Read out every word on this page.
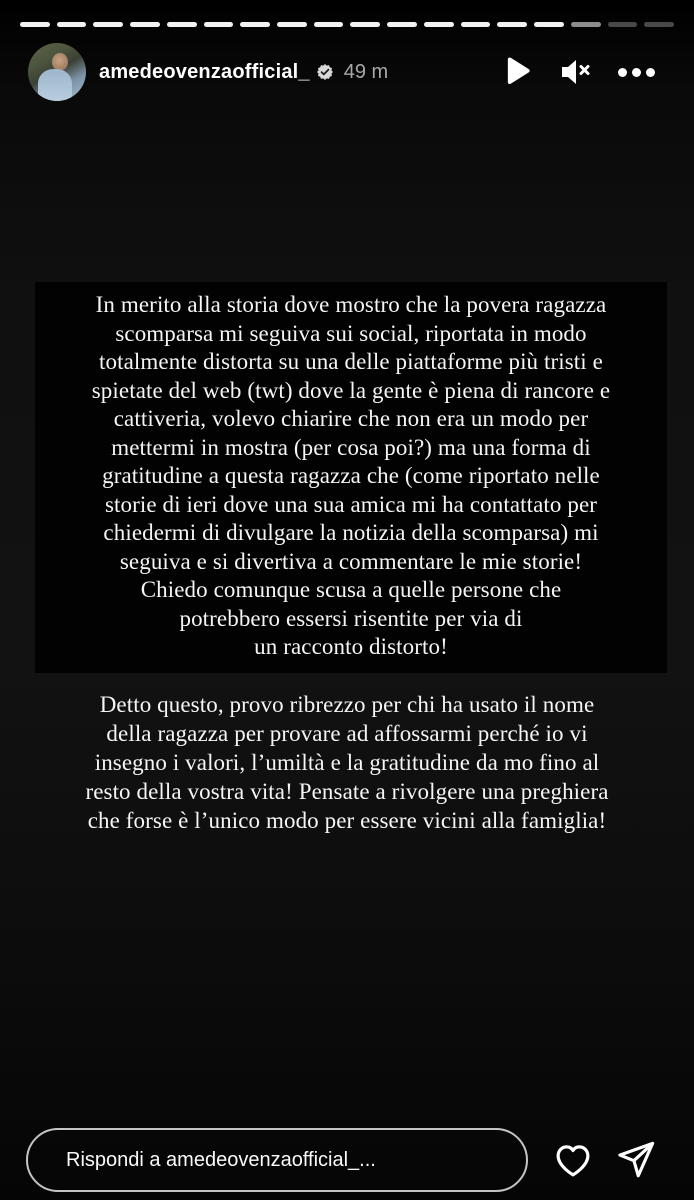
amedeovenzaofficial_ 49 m
In merito alla storia dove mostro che la povera ragazza
scomparsa mi seguiva sui social, riportata in modo
totalmente distorta su una delle piattaforme più tristi e
spietate del web (twt) dove la gente è piena di rancore e
cattiveria, volevo chiarire che non era un modo per
mettermi in mostra (per cosa poi?) ma una forma di
gratitudine a questa ragazza che (come riportato nelle
storie di ieri dove una sua amica mi ha contattato per
chiedermi di divulgare la notizia della scomparsa) mi
seguiva e si divertiva a commentare le mie storie!
Chiedo comunque scusa a quelle persone che
potrebbero essersi risentite per via di
un racconto distorto!
Detto questo, provo ribrezzo per chi ha usato il nome
della ragazza per provare ad affossarmi perché io vi
insegno i valori, l’umiltà e la gratitudine da mo fino al
resto della vostra vita! Pensate a rivolgere una preghiera
che forse è l’unico modo per essere vicini alla famiglia!
Rispondi a amedeovenzaofficial_...
